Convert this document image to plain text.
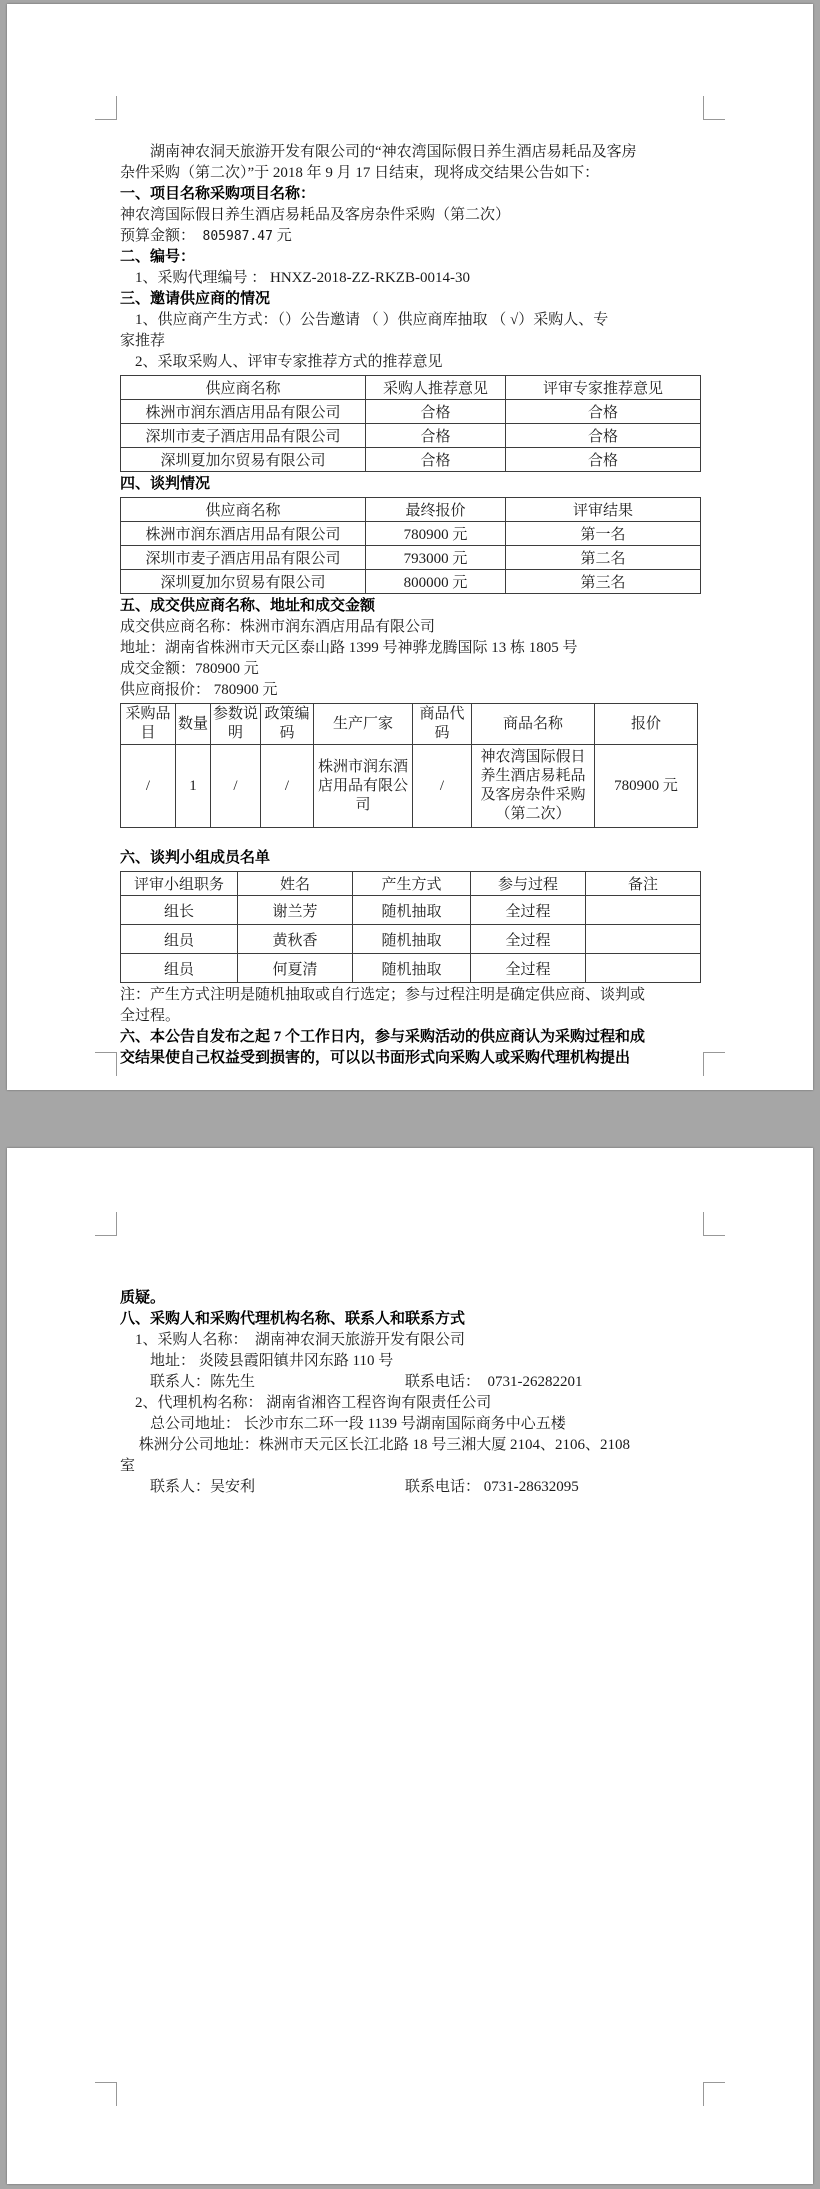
　　湖南神农洞天旅游开发有限公司的“神农湾国际假日养生酒店易耗品及客房
杂件采购（第二次）”于 2018 年 9 月 17 日结束，现将成交结果公告如下：
一、项目名称采购项目名称：
神农湾国际假日养生酒店易耗品及客房杂件采购（第二次）
预算金额：　805987.47 元
二、编号：
　1、采购代理编号 ： HNXZ-2018-ZZ-RKZB-0014-30
三、邀请供应商的情况
　1、供应商产生方式：（）公告邀请 （ ）供应商库抽取 （ √）采购人、专
家推荐
　2、采取采购人、评审专家推荐方式的推荐意见
供应商名称	采购人推荐意见	评审专家推荐意见
株洲市润东酒店用品有限公司	合格	合格
深圳市麦子酒店用品有限公司	合格	合格
深圳夏加尔贸易有限公司	合格	合格
四、谈判情况
供应商名称	最终报价	评审结果
株洲市润东酒店用品有限公司	780900 元	第一名
深圳市麦子酒店用品有限公司	793000 元	第二名
深圳夏加尔贸易有限公司	800000 元	第三名
五、成交供应商名称、地址和成交金额
成交供应商名称：株洲市润东酒店用品有限公司
地址：湖南省株洲市天元区泰山路 1399 号神骅龙腾国际 13 栋 1805 号
成交金额：780900 元
供应商报价： 780900 元
采购品目	数量	参数说明	政策编码	生产厂家	商品代码	商品名称	报价
/	1	/	/	株洲市润东酒店用品有限公司	/	神农湾国际假日养生酒店易耗品及客房杂件采购（第二次）	780900 元
六、谈判小组成员名单
评审小组职务	姓名	产生方式	参与过程	备注
组长	谢兰芳	随机抽取	全过程	
组员	黄秋香	随机抽取	全过程	
组员	何夏清	随机抽取	全过程	
注：产生方式注明是随机抽取或自行选定；参与过程注明是确定供应商、谈判或
全过程。
六、本公告自发布之起 7 个工作日内，参与采购活动的供应商认为采购过程和成
交结果使自己权益受到损害的，可以以书面形式向采购人或采购代理机构提出
质疑。
八、采购人和采购代理机构名称、联系人和联系方式
　1、采购人名称：  湖南神农洞天旅游开发有限公司
　　地址： 炎陵县霞阳镇井冈东路 110 号
　　联系人：陈先生　　　　　　　　　　联系电话：　0731-26282201
　2、代理机构名称： 湖南省湘咨工程咨询有限责任公司
　　总公司地址： 长沙市东二环一段 1139 号湖南国际商务中心五楼
　 株洲分公司地址：株洲市天元区长江北路 18 号三湘大厦 2104、2106、2108
室
　　联系人：吴安利　　　　　　　　　　联系电话： 0731-28632095
